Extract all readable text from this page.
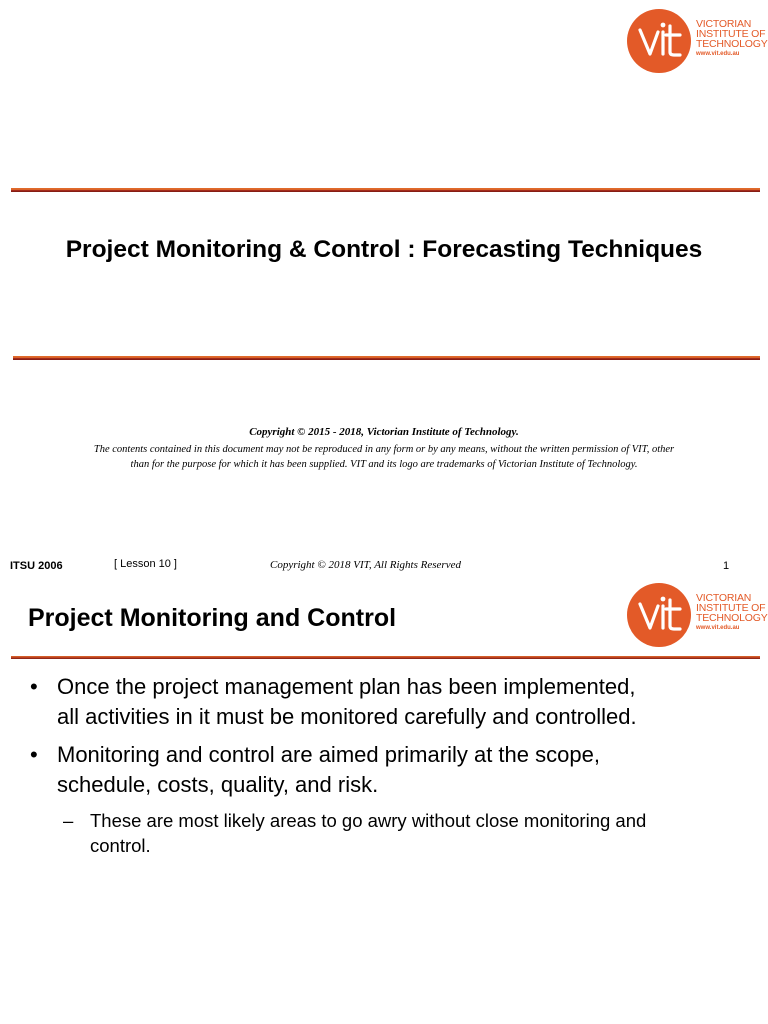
VICTORIAN
INSTITUTE OF
TECHNOLOGY
www.vit.edu.au
Project Monitoring & Control : Forecasting Techniques
Copyright © 2015 - 2018, Victorian Institute of Technology.
The contents contained in this document may not be reproduced in any form or by any means, without the written permission of VIT, other
than for the purpose for which it has been supplied. VIT and its logo are trademarks of Victorian Institute of Technology.
ITSU 2006	[ Lesson 10 ]	Copyright © 2018 VIT, All Rights Reserved	1
Project Monitoring and Control
VICTORIAN
INSTITUTE OF
TECHNOLOGY
www.vit.edu.au
• Once the project management plan has been implemented,
all activities in it must be monitored carefully and controlled.
• Monitoring and control are aimed primarily at the scope,
schedule, costs, quality, and risk.
– These are most likely areas to go awry without close monitoring and
control.
